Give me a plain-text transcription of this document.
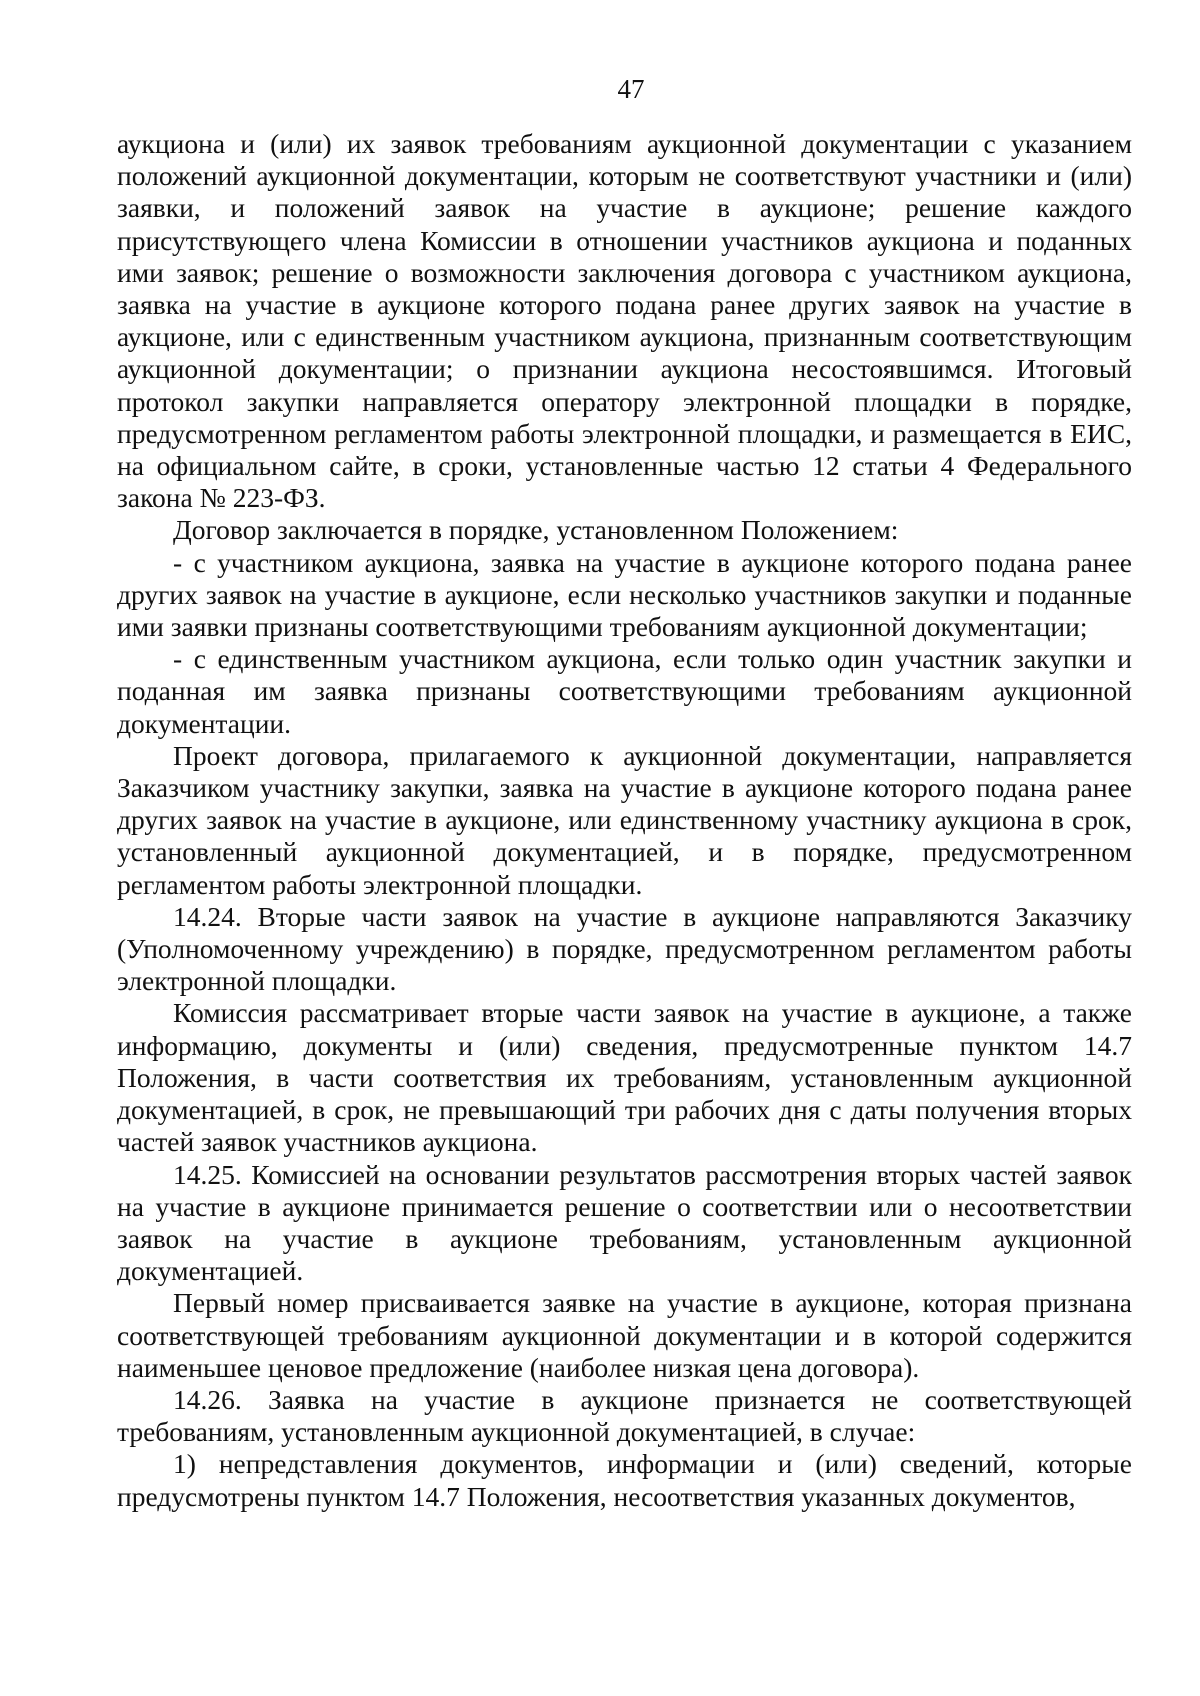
47

аукциона и (или) их заявок требованиям аукционной документации с указанием положений аукционной документации, которым не соответствуют участники и (или) заявки, и положений заявок на участие в аукционе; решение каждого присутствующего члена Комиссии в отношении участников аукциона и поданных ими заявок; решение о возможности заключения договора с участником аукциона, заявка на участие в аукционе которого подана ранее других заявок на участие в аукционе, или с единственным участником аукциона, признанным соответствующим аукционной документации; о признании аукциона несостоявшимся. Итоговый протокол закупки направляется оператору электронной площадки в порядке, предусмотренном регламентом работы электронной площадки, и размещается в ЕИС, на официальном сайте, в сроки, установленные частью 12 статьи 4 Федерального закона № 223-ФЗ.

Договор заключается в порядке, установленном Положением:

- с участником аукциона, заявка на участие в аукционе которого подана ранее других заявок на участие в аукционе, если несколько участников закупки и поданные ими заявки признаны соответствующими требованиям аукционной документации;

- с единственным участником аукциона, если только один участник закупки и поданная им заявка признаны соответствующими требованиям аукционной документации.

Проект договора, прилагаемого к аукционной документации, направляется Заказчиком участнику закупки, заявка на участие в аукционе которого подана ранее других заявок на участие в аукционе, или единственному участнику аукциона в срок, установленный аукционной документацией, и в порядке, предусмотренном регламентом работы электронной площадки.

14.24. Вторые части заявок на участие в аукционе направляются Заказчику (Уполномоченному учреждению) в порядке, предусмотренном регламентом работы электронной площадки.

Комиссия рассматривает вторые части заявок на участие в аукционе, а также информацию, документы и (или) сведения, предусмотренные пунктом 14.7 Положения, в части соответствия их требованиям, установленным аукционной документацией, в срок, не превышающий три рабочих дня с даты получения вторых частей заявок участников аукциона.

14.25. Комиссией на основании результатов рассмотрения вторых частей заявок на участие в аукционе принимается решение о соответствии или о несоответствии заявок на участие в аукционе требованиям, установленным аукционной документацией.

Первый номер присваивается заявке на участие в аукционе, которая признана соответствующей требованиям аукционной документации и в которой содержится наименьшее ценовое предложение (наиболее низкая цена договора).

14.26. Заявка на участие в аукционе признается не соответствующей требованиям, установленным аукционной документацией, в случае:

1) непредставления документов, информации и (или) сведений, которые предусмотрены пунктом 14.7 Положения, несоответствия указанных документов,
